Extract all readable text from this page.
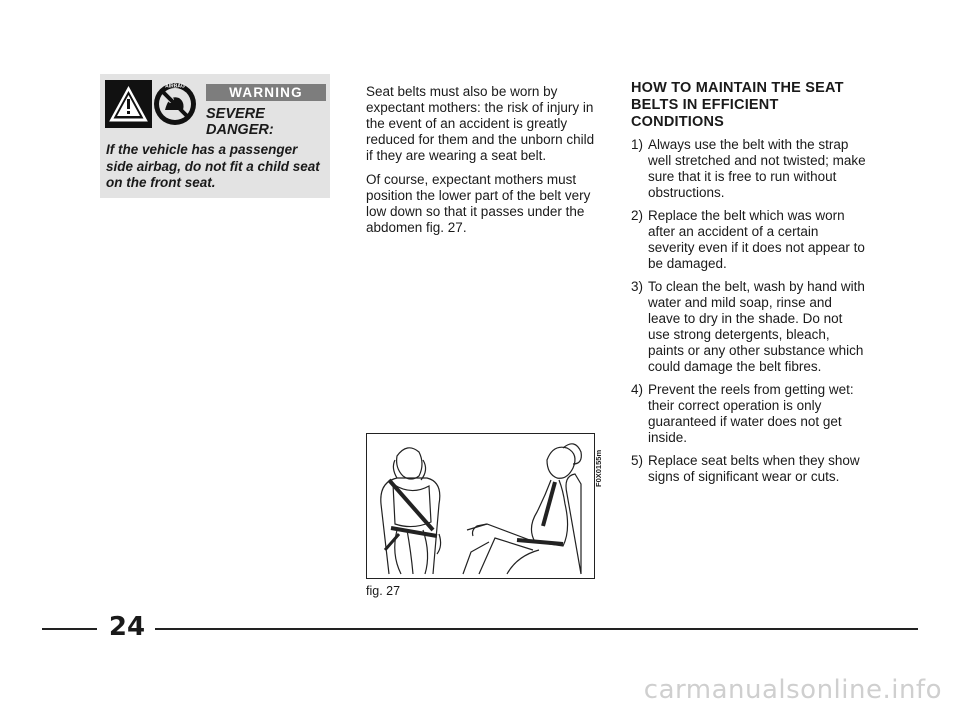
AIRBAG	WARNING
SEVERE
DANGER:
If the vehicle has a passenger side airbag, do not fit a child seat on the front seat.

Seat belts must also be worn by expectant mothers: the risk of injury in the event of an accident is greatly reduced for them and the unborn child if they are wearing a seat belt.

Of course, expectant mothers must position the lower part of the belt very low down so that it passes under the abdomen fig. 27.

HOW TO MAINTAIN THE SEAT BELTS IN EFFICIENT CONDITIONS
1) Always use the belt with the strap well stretched and not twisted; make sure that it is free to run without obstructions.
2) Replace the belt which was worn after an accident of a certain severity even if it does not appear to be damaged.
3) To clean the belt, wash by hand with water and mild soap, rinse and leave to dry in the shade. Do not use strong detergents, bleach, paints or any other substance which could damage the belt fibres.
4) Prevent the reels from getting wet: their correct operation is only guaranteed if water does not get inside.
5) Replace seat belts when they show signs of significant wear or cuts.
F0X0155m
fig. 27
24
carmanualsonline.info
